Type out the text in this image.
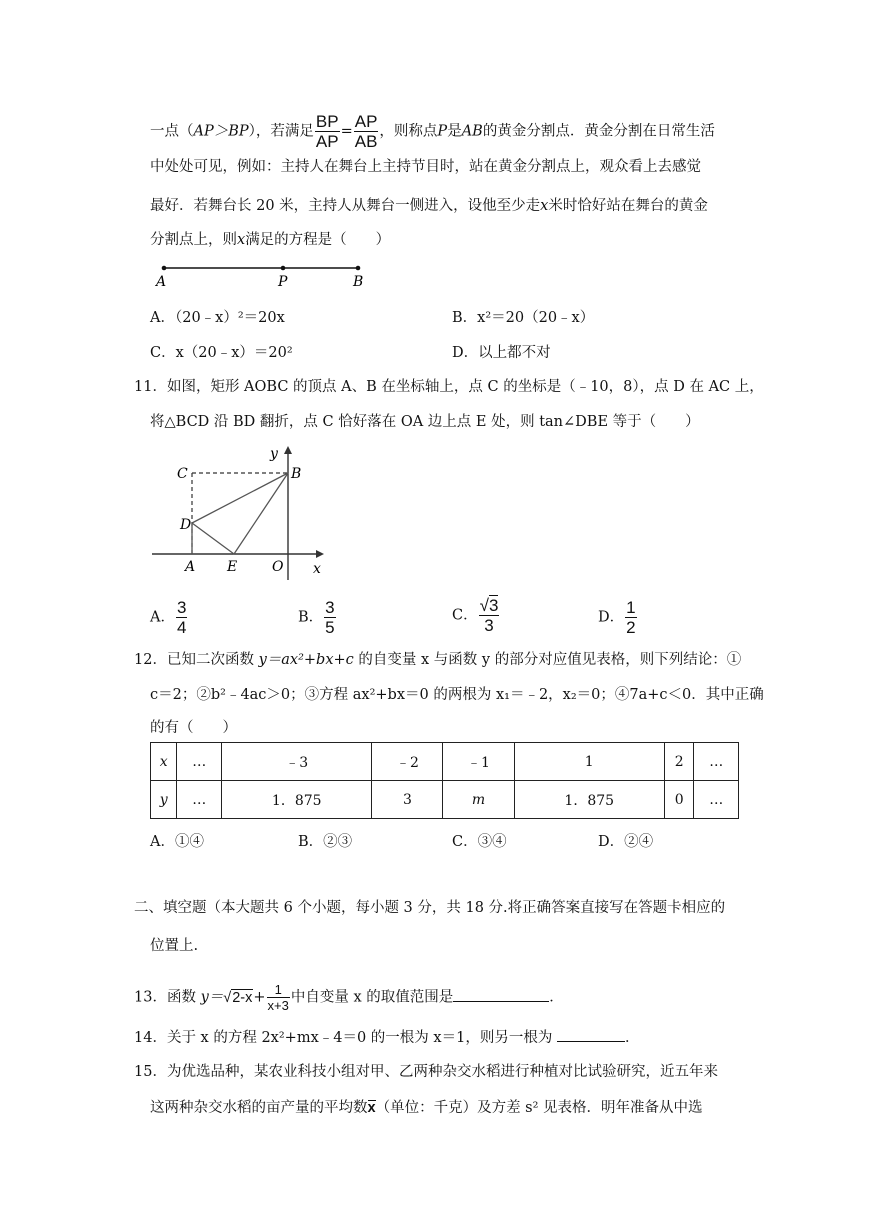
一点（AP＞BP），若满足 $\frac{BP}{AP} = \frac{AP}{AB}$ ，则称点P是AB的黄金分割点．黄金分割在日常生活
中处处可见，例如：主持人在舞台上主持节目时，站在黄金分割点上，观众看上去感觉
最好．若舞台长 20 米，主持人从舞台一侧进入，设他至少走x米时恰好站在舞台的黄金
分割点上，则x满足的方程是（　　）
A	P	B
A．（20﹣x）²＝20x	B．x²＝20（20﹣x）
C．x（20﹣x）＝20²	D．以上都不对
11．如图，矩形 AOBC 的顶点 A、B 在坐标轴上，点 C 的坐标是（﹣10，8），点 D 在 AC 上，
将△BCD 沿 BD 翻折，点 C 恰好落在 OA 边上点 E 处，则 tan∠DBE 等于（　　）
y
C	B
D
A E O x
A． $\frac{3}{4}$	B． $\frac{3}{5}$	C． $\frac{√3}{3}$	D． $\frac{1}{2}$
12．已知二次函数 y＝ax²+bx+c 的自变量 x 与函数 y 的部分对应值见表格，则下列结论：①
c＝2；②b²﹣4ac＞0；③方程 ax²+bx＝0 的两根为 x₁＝﹣2，x₂＝0；④7a+c＜0．其中正确
的有（　　）
x	…	﹣3	﹣2	﹣1	1	2	…
y	…	1．875	3	m	1．875	0	…
A．①④	B．②③	C．③④	D．②④
二、填空题（本大题共 6 个小题，每小题 3 分，共 18 分.将正确答案直接写在答题卡相应的
位置上.
13．函数 $y=√2-x+ \frac{1}{x+3}$ 中自变量 x 的取值范围是	．
14．关于 x 的方程 2x²+mx﹣4＝0 的一根为 x＝1，则另一根为	．
15．为优选品种，某农业科技小组对甲、乙两种杂交水稻进行种植对比试验研究，近五年来
这两种杂交水稻的亩产量的平均数x（单位：千克）及方差 s² 见表格．明年准备从中选
